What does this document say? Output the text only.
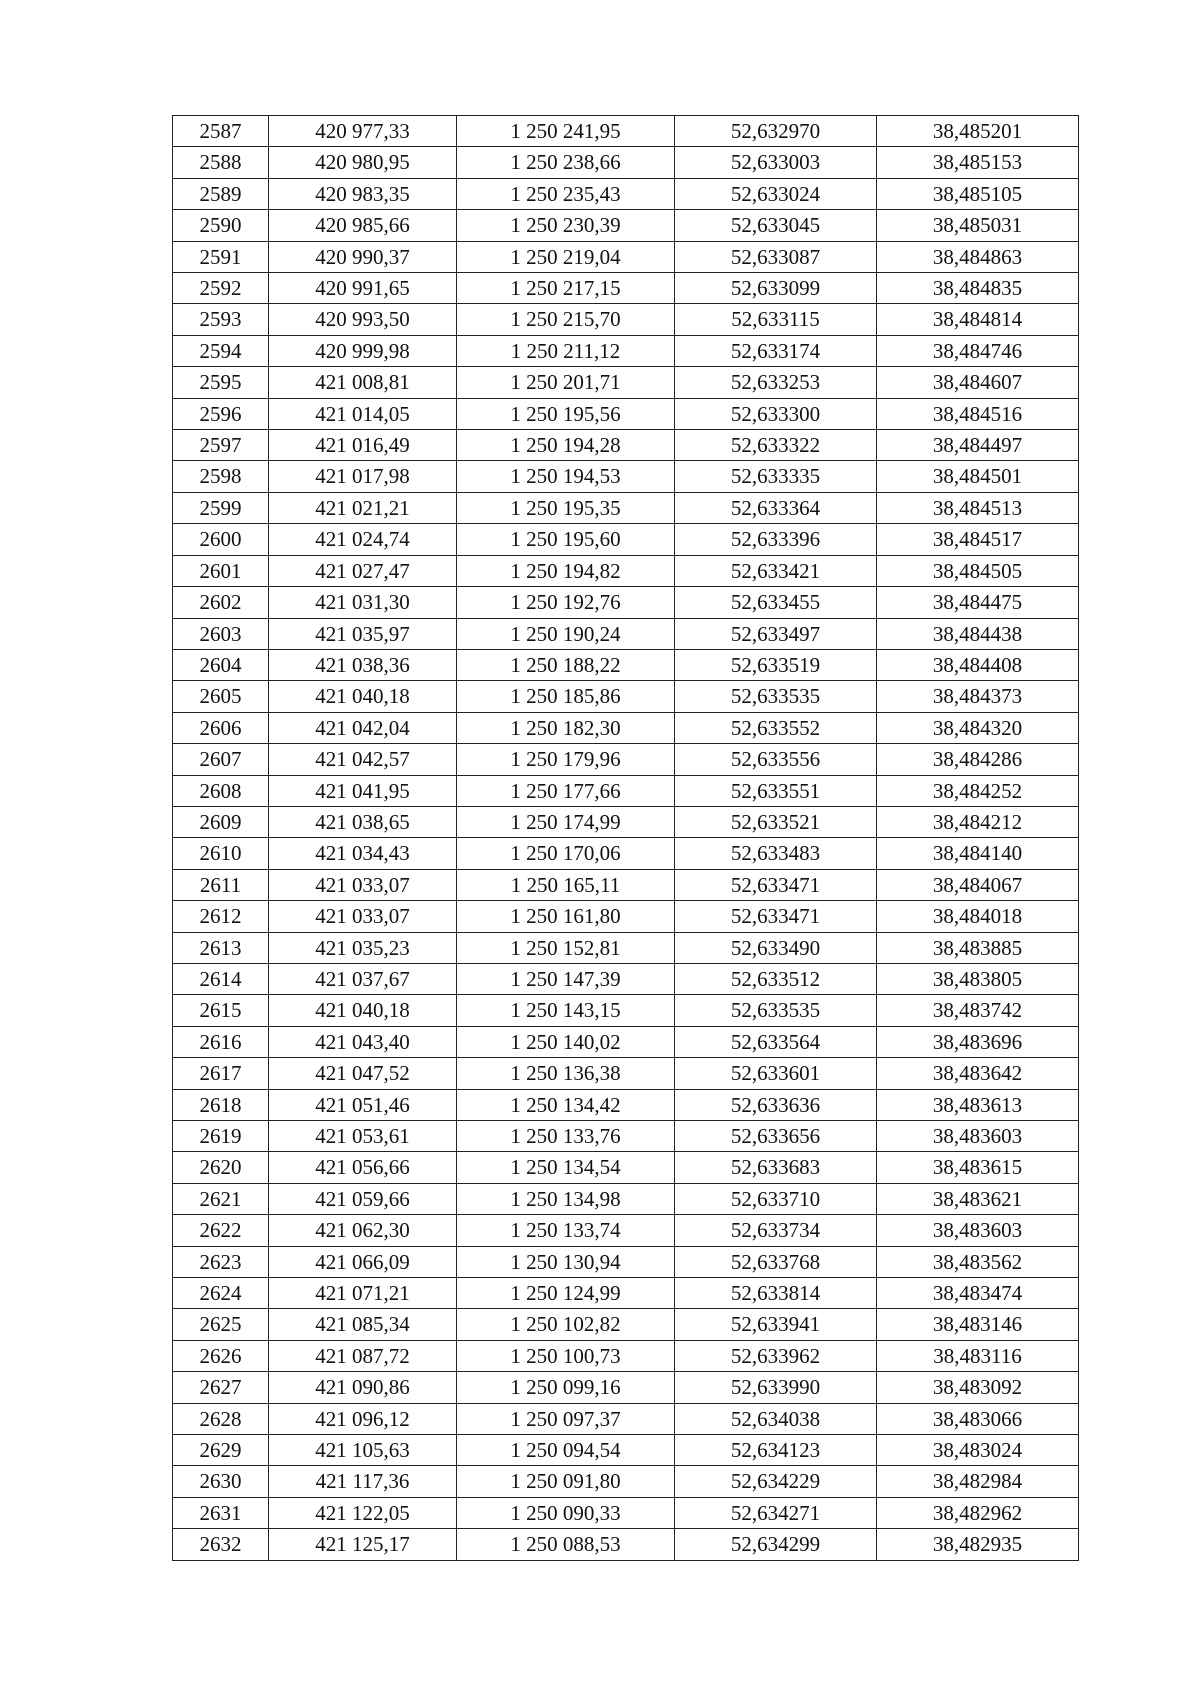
2587	420 977,33	1 250 241,95	52,632970	38,485201
2588	420 980,95	1 250 238,66	52,633003	38,485153
2589	420 983,35	1 250 235,43	52,633024	38,485105
2590	420 985,66	1 250 230,39	52,633045	38,485031
2591	420 990,37	1 250 219,04	52,633087	38,484863
2592	420 991,65	1 250 217,15	52,633099	38,484835
2593	420 993,50	1 250 215,70	52,633115	38,484814
2594	420 999,98	1 250 211,12	52,633174	38,484746
2595	421 008,81	1 250 201,71	52,633253	38,484607
2596	421 014,05	1 250 195,56	52,633300	38,484516
2597	421 016,49	1 250 194,28	52,633322	38,484497
2598	421 017,98	1 250 194,53	52,633335	38,484501
2599	421 021,21	1 250 195,35	52,633364	38,484513
2600	421 024,74	1 250 195,60	52,633396	38,484517
2601	421 027,47	1 250 194,82	52,633421	38,484505
2602	421 031,30	1 250 192,76	52,633455	38,484475
2603	421 035,97	1 250 190,24	52,633497	38,484438
2604	421 038,36	1 250 188,22	52,633519	38,484408
2605	421 040,18	1 250 185,86	52,633535	38,484373
2606	421 042,04	1 250 182,30	52,633552	38,484320
2607	421 042,57	1 250 179,96	52,633556	38,484286
2608	421 041,95	1 250 177,66	52,633551	38,484252
2609	421 038,65	1 250 174,99	52,633521	38,484212
2610	421 034,43	1 250 170,06	52,633483	38,484140
2611	421 033,07	1 250 165,11	52,633471	38,484067
2612	421 033,07	1 250 161,80	52,633471	38,484018
2613	421 035,23	1 250 152,81	52,633490	38,483885
2614	421 037,67	1 250 147,39	52,633512	38,483805
2615	421 040,18	1 250 143,15	52,633535	38,483742
2616	421 043,40	1 250 140,02	52,633564	38,483696
2617	421 047,52	1 250 136,38	52,633601	38,483642
2618	421 051,46	1 250 134,42	52,633636	38,483613
2619	421 053,61	1 250 133,76	52,633656	38,483603
2620	421 056,66	1 250 134,54	52,633683	38,483615
2621	421 059,66	1 250 134,98	52,633710	38,483621
2622	421 062,30	1 250 133,74	52,633734	38,483603
2623	421 066,09	1 250 130,94	52,633768	38,483562
2624	421 071,21	1 250 124,99	52,633814	38,483474
2625	421 085,34	1 250 102,82	52,633941	38,483146
2626	421 087,72	1 250 100,73	52,633962	38,483116
2627	421 090,86	1 250 099,16	52,633990	38,483092
2628	421 096,12	1 250 097,37	52,634038	38,483066
2629	421 105,63	1 250 094,54	52,634123	38,483024
2630	421 117,36	1 250 091,80	52,634229	38,482984
2631	421 122,05	1 250 090,33	52,634271	38,482962
2632	421 125,17	1 250 088,53	52,634299	38,482935
